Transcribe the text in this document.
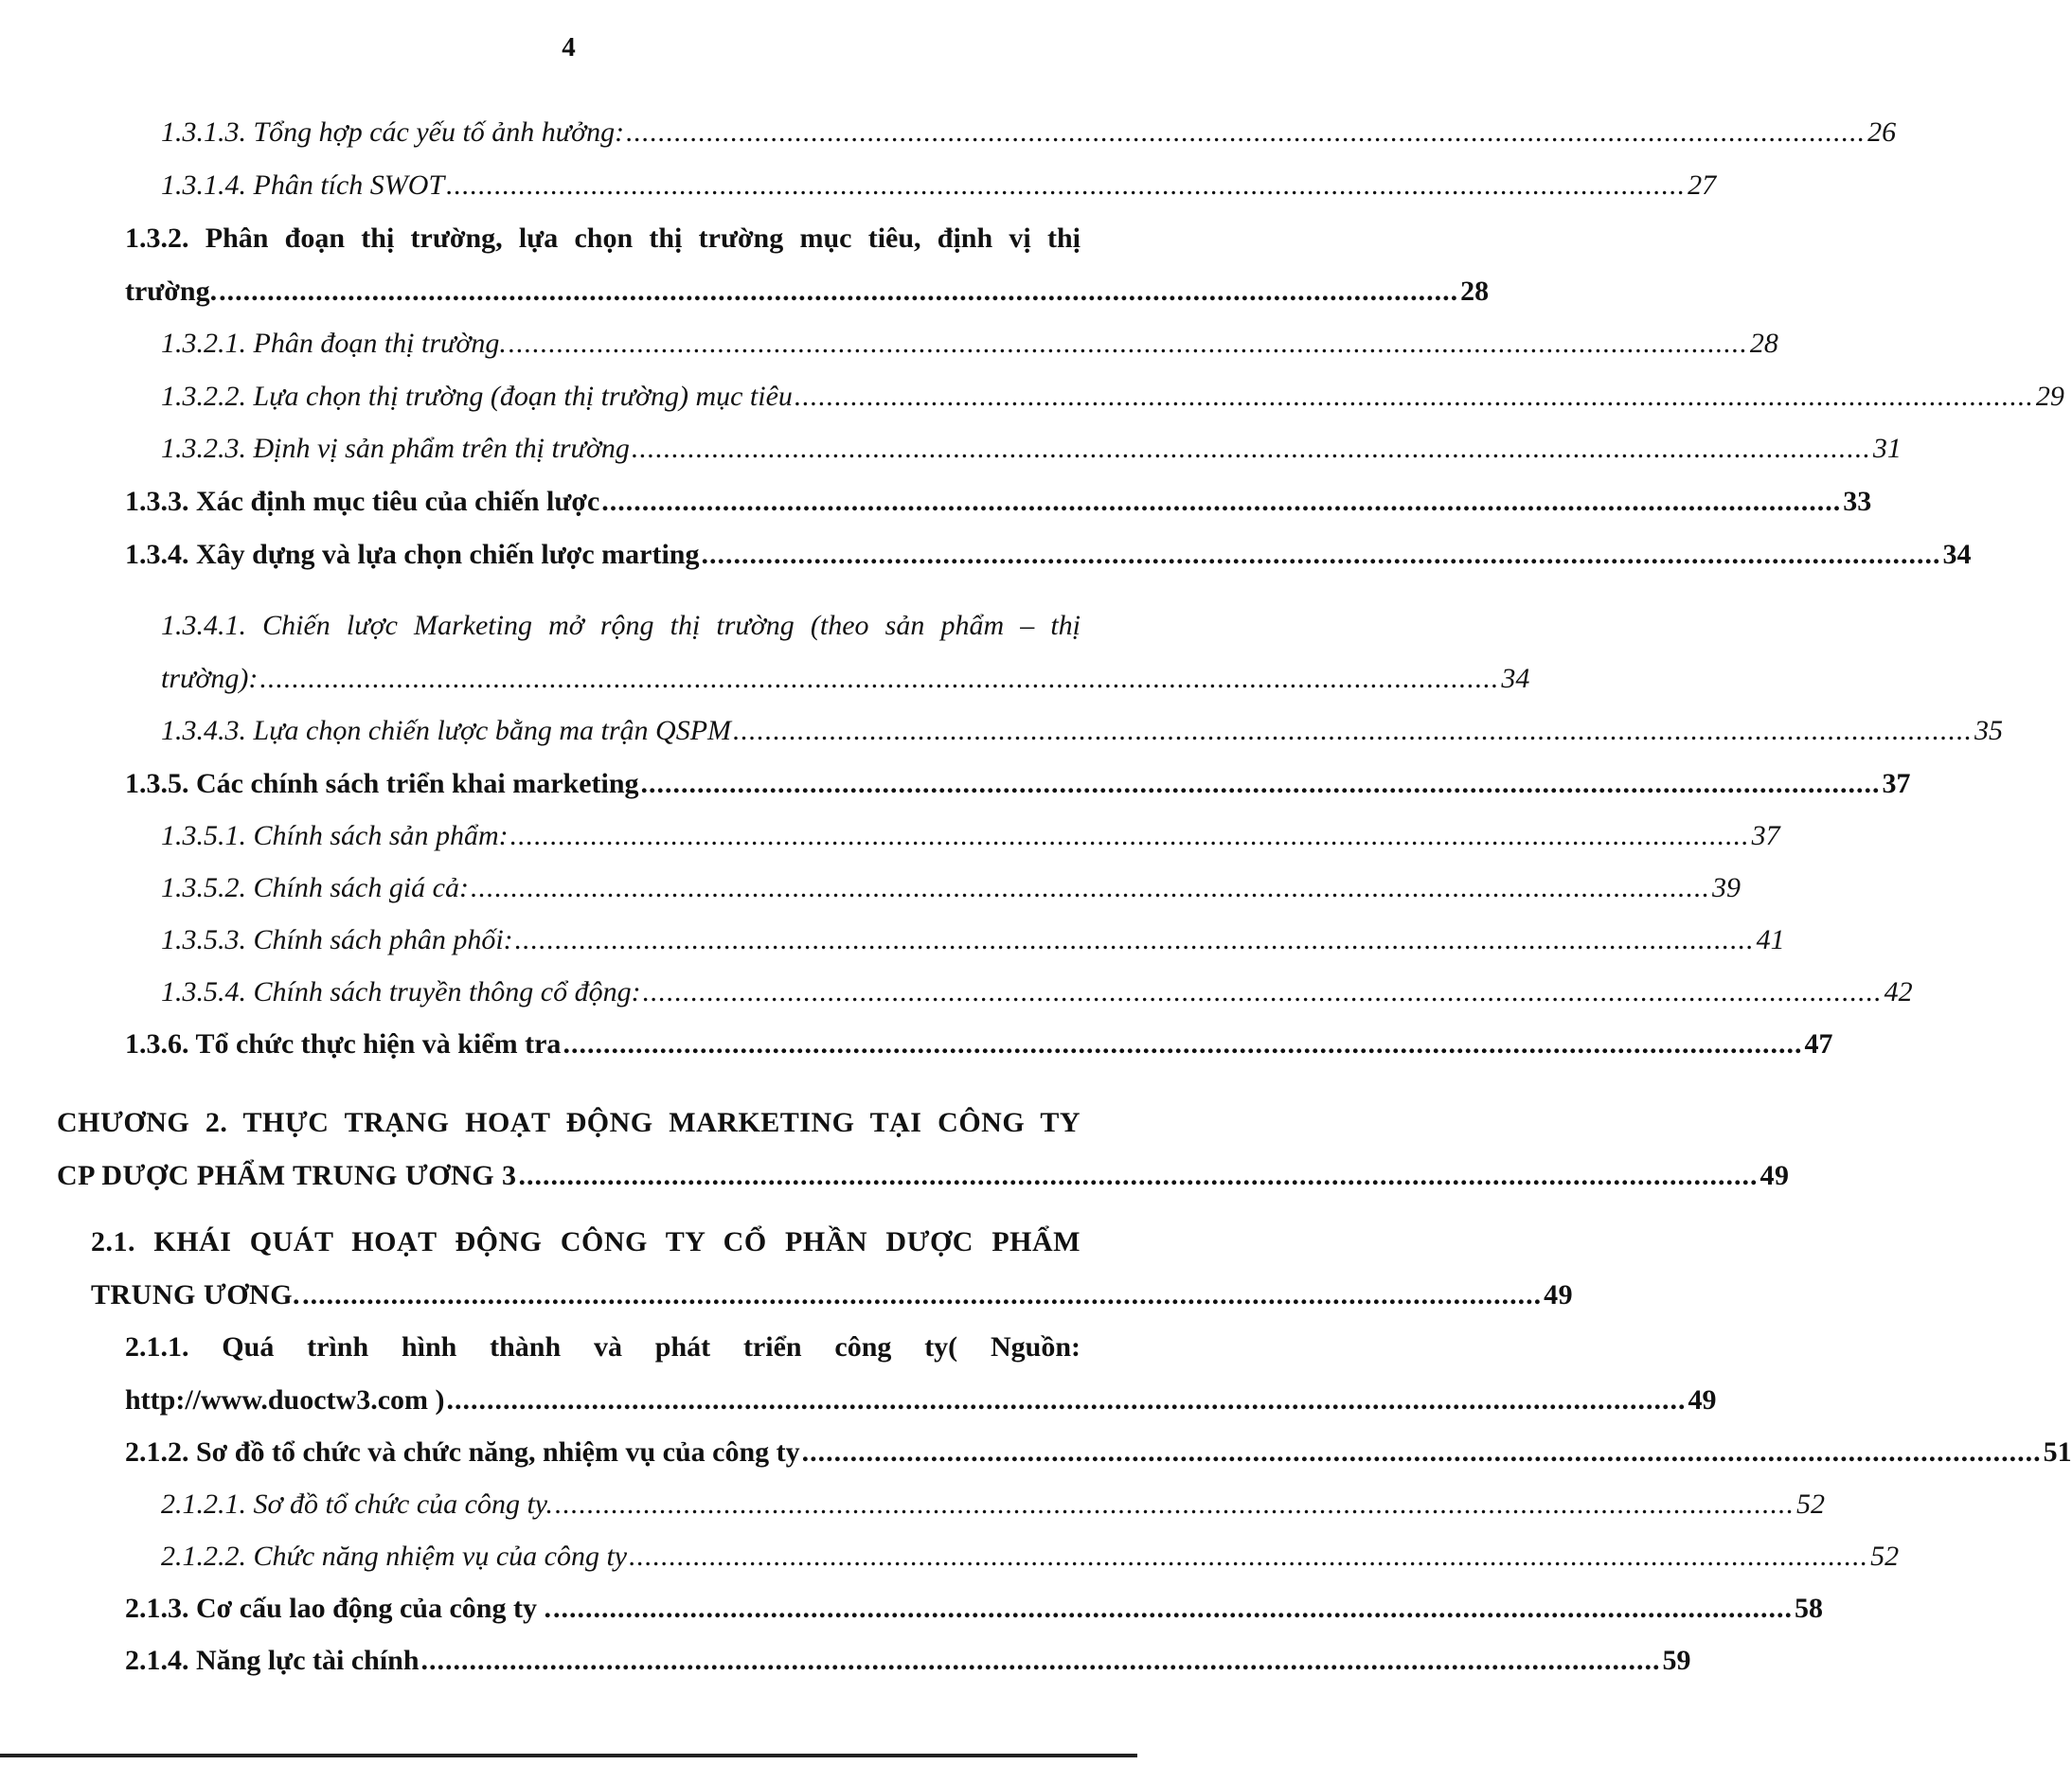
4
1.3.1.3. Tổng hợp các yếu tố ảnh hưởng: .......................................................................................................................................................... 26
1.3.1.4. Phân tích SWOT .......................................................................................................................................................... 27
1.3.2. Phân đoạn thị trường, lựa chọn thị trường mục tiêu, định vị thị
trường. .......................................................................................................................................................... 28
1.3.2.1. Phân đoạn thị trường. .......................................................................................................................................................... 28
1.3.2.2. Lựa chọn thị trường (đoạn thị trường) mục tiêu .......................................................................................................................................................... 29
1.3.2.3. Định vị sản phẩm trên thị trường .......................................................................................................................................................... 31
1.3.3. Xác định mục tiêu của chiến lược .......................................................................................................................................................... 33
1.3.4. Xây dựng và lựa chọn chiến lược marting .......................................................................................................................................................... 34
1.3.4.1. Chiến lược Marketing mở rộng thị trường (theo sản phẩm – thị
trường): .......................................................................................................................................................... 34
1.3.4.3. Lựa chọn chiến lược bằng ma trận QSPM .......................................................................................................................................................... 35
1.3.5. Các chính sách triển khai marketing .......................................................................................................................................................... 37
1.3.5.1. Chính sách sản phẩm: .......................................................................................................................................................... 37
1.3.5.2. Chính sách giá cả: .......................................................................................................................................................... 39
1.3.5.3. Chính sách phân phối: .......................................................................................................................................................... 41
1.3.5.4. Chính sách truyền thông cổ động: .......................................................................................................................................................... 42
1.3.6. Tổ chức thực hiện và kiểm tra .......................................................................................................................................................... 47
CHƯƠNG 2. THỰC TRẠNG HOẠT ĐỘNG MARKETING TẠI CÔNG TY
CP DƯỢC PHẨM TRUNG ƯƠNG 3 .......................................................................................................................................................... 49
2.1. KHÁI QUÁT HOẠT ĐỘNG CÔNG TY CỔ PHẦN DƯỢC PHẨM
TRUNG ƯƠNG. .......................................................................................................................................................... 49
2.1.1. Quá trình hình thành và phát triển công ty( Nguồn:
http://www.duoctw3.com ) .......................................................................................................................................................... 49
2.1.2. Sơ đồ tổ chức và chức năng, nhiệm vụ của công ty .......................................................................................................................................................... 51
2.1.2.1. Sơ đồ tổ chức của công ty. .......................................................................................................................................................... 52
2.1.2.2. Chức năng nhiệm vụ của công ty .......................................................................................................................................................... 52
2.1.3. Cơ cấu lao động của công ty . .......................................................................................................................................................... 58
2.1.4. Năng lực tài chính .......................................................................................................................................................... 59
